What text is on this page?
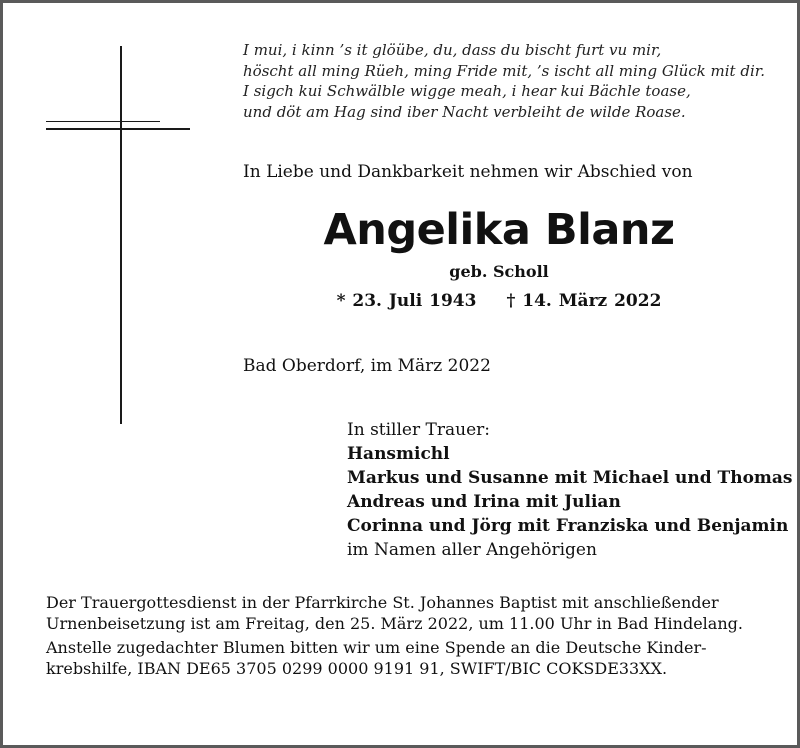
I mui, i kinn ’s it glöübe, du, dass du bischt furt vu mir,
höscht all ming Rüeh, ming Fride mit, ’s ischt all ming Glück mit dir.
I sigch kui Schwälble wigge meah, i hear kui Bächle toase,
und döt am Hag sind iber Nacht verbleiht de wilde Roase.
In Liebe und Dankbarkeit nehmen wir Abschied von
Angelika Blanz
geb. Scholl
* 23. Juli 1943 † 14. März 2022
Bad Oberdorf, im März 2022
In stiller Trauer:
Hansmichl
Markus und Susanne mit Michael und Thomas
Andreas und Irina mit Julian
Corinna und Jörg mit Franziska und Benjamin
im Namen aller Angehörigen
Der Trauergottesdienst in der Pfarrkirche St. Johannes Baptist mit anschließender
Urnenbeisetzung ist am Freitag, den 25. März 2022, um 11.00 Uhr in Bad Hindelang.
Anstelle zugedachter Blumen bitten wir um eine Spende an die Deutsche Kinder-
krebshilfe, IBAN DE65 3705 0299 0000 9191 91, SWIFT/BIC COKSDE33XX.
